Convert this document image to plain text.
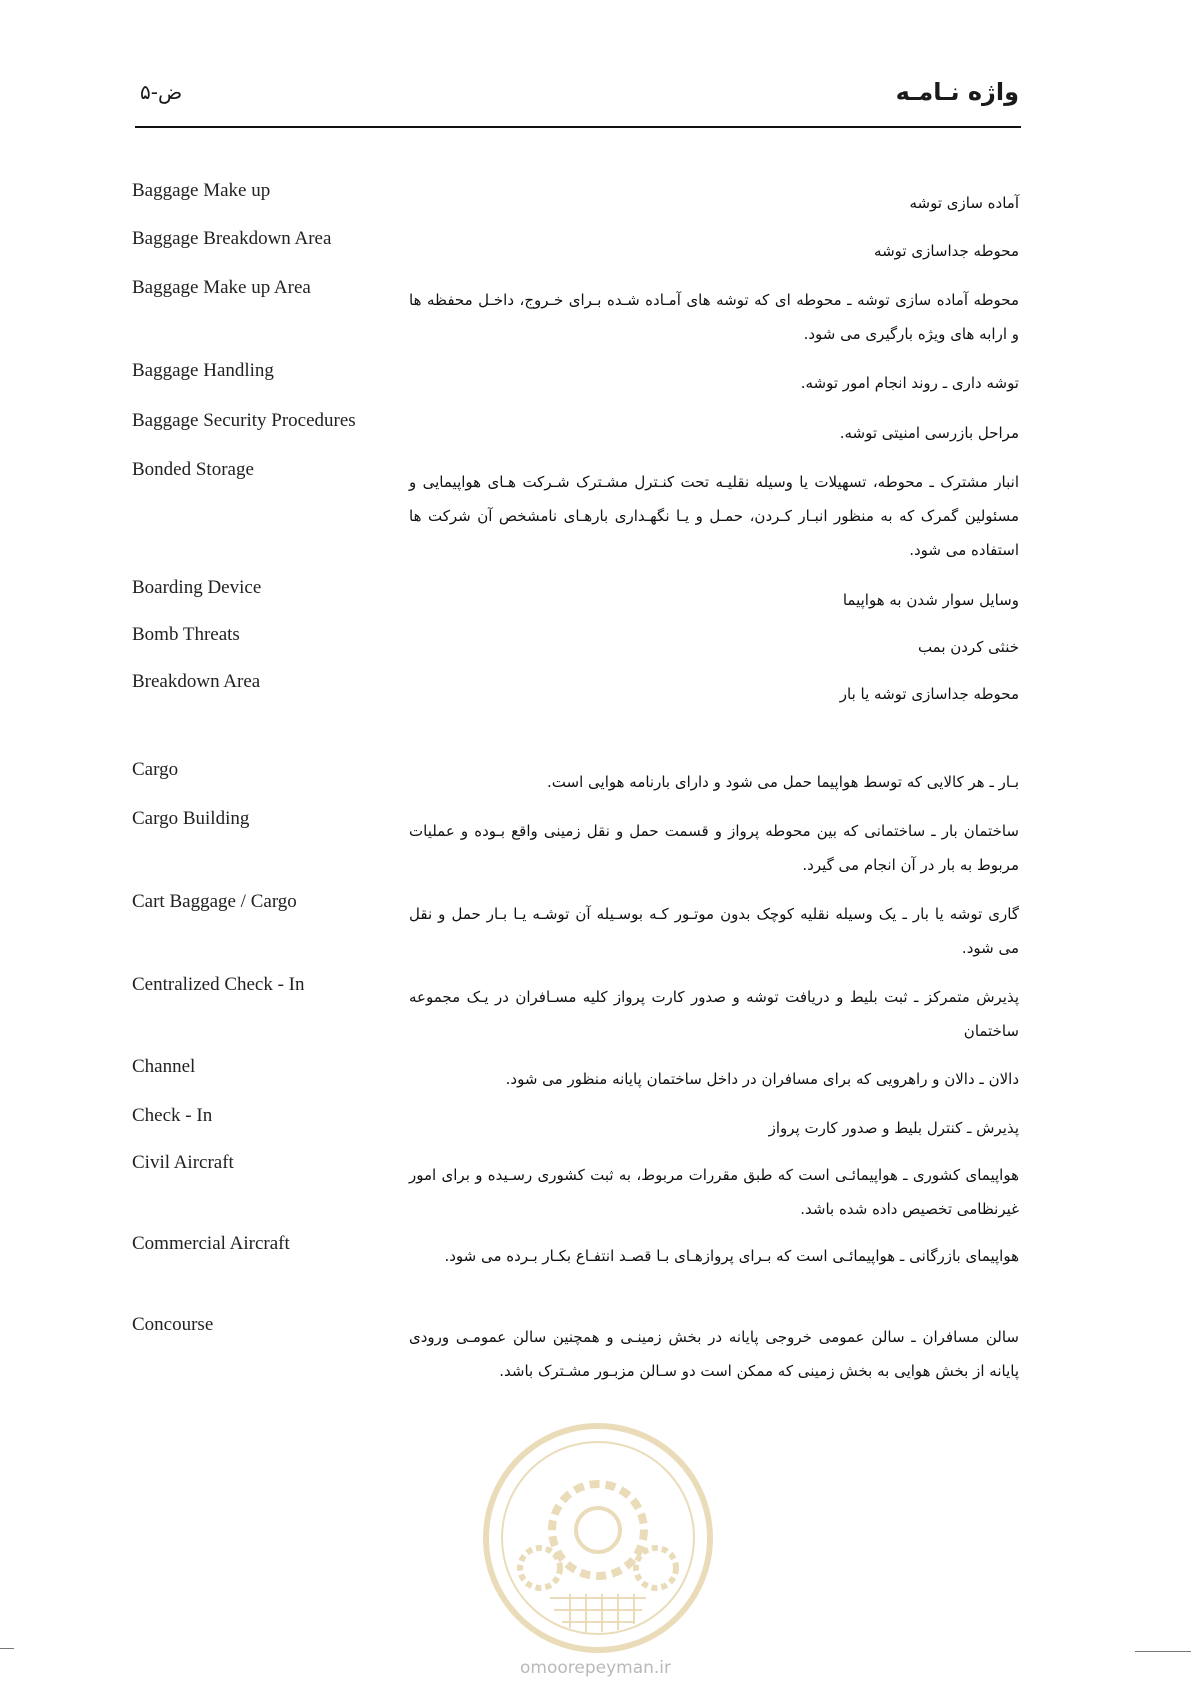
واژه نـامـه
ض-۵
Baggage Make up
آماده سازی توشه
Baggage Breakdown Area
محوطه جداسازی توشه
Baggage Make up Area
محوطه آماده سازی توشه ـ محوطه ای که توشه های آمـاده شـده بـرای خـروج، داخـل محفظه ها و ارابه های ویژه بارگیری می شود.
Baggage Handling
توشه داری ـ روند انجام امور توشه.
Baggage Security Procedures
مراحل بازرسی امنیتی توشه.
Bonded Storage
انبار مشترک ـ محوطه، تسهیلات یا وسیله نقلیـه تحت کنـترل مشـترک شـرکت هـای هواپیمایی و مسئولین گمرک که به منظور انبـار کـردن، حمـل و یـا نگهـداری بارهـای نامشخص آن شرکت ها استفاده می شود.
Boarding Device
وسایل سوار شدن به هواپیما
Bomb Threats
خنثی کردن بمب
Breakdown Area
محوطه جداسازی توشه یا بار
Cargo
بـار ـ هر کالایی که توسط هواپیما حمل می شود و دارای بارنامه هوایی است.
Cargo Building
ساختمان بار ـ ساختمانی که بین محوطه پرواز و قسمت حمل و نقل زمینی واقع بـوده و عملیات مربوط به بار در آن انجام می گیرد.
Cart Baggage / Cargo
گاری توشه یا بار ـ یک وسیله نقلیه کوچک بدون موتـور کـه بوسـیله آن توشـه یـا بـار حمل و نقل می شود.
Centralized Check - In
پذیرش متمرکز ـ ثبت بلیط و دریافت توشه و صدور کارت پرواز کلیه مسـافران در یـک مجموعه ساختمان
Channel
دالان ـ دالان و راهرویی که برای مسافران در داخل ساختمان پایانه منظور می شود.
Check - In
پذیرش ـ کنترل بلیط و صدور کارت پرواز
Civil Aircraft
هواپیمای کشوری ـ هواپیمائـی است که طبق مقررات مربوط، به ثبت کشوری رسـیده و برای امور غیرنظامی تخصیص داده شده باشد.
Commercial Aircraft
هواپیمای بازرگانی ـ هواپیمائـی است که بـرای پروازهـای بـا قصـد انتفـاع بکـار بـرده می شود.
Concourse
سالن مسافران ـ سالن عمومی خروجی پایانه در بخش زمینـی و همچنین سالن عمومـی ورودی پایانه از بخش هوایی به بخش زمینی که ممکن است دو سـالن مزبـور مشـترک باشد.
omoorepeyman.ir
